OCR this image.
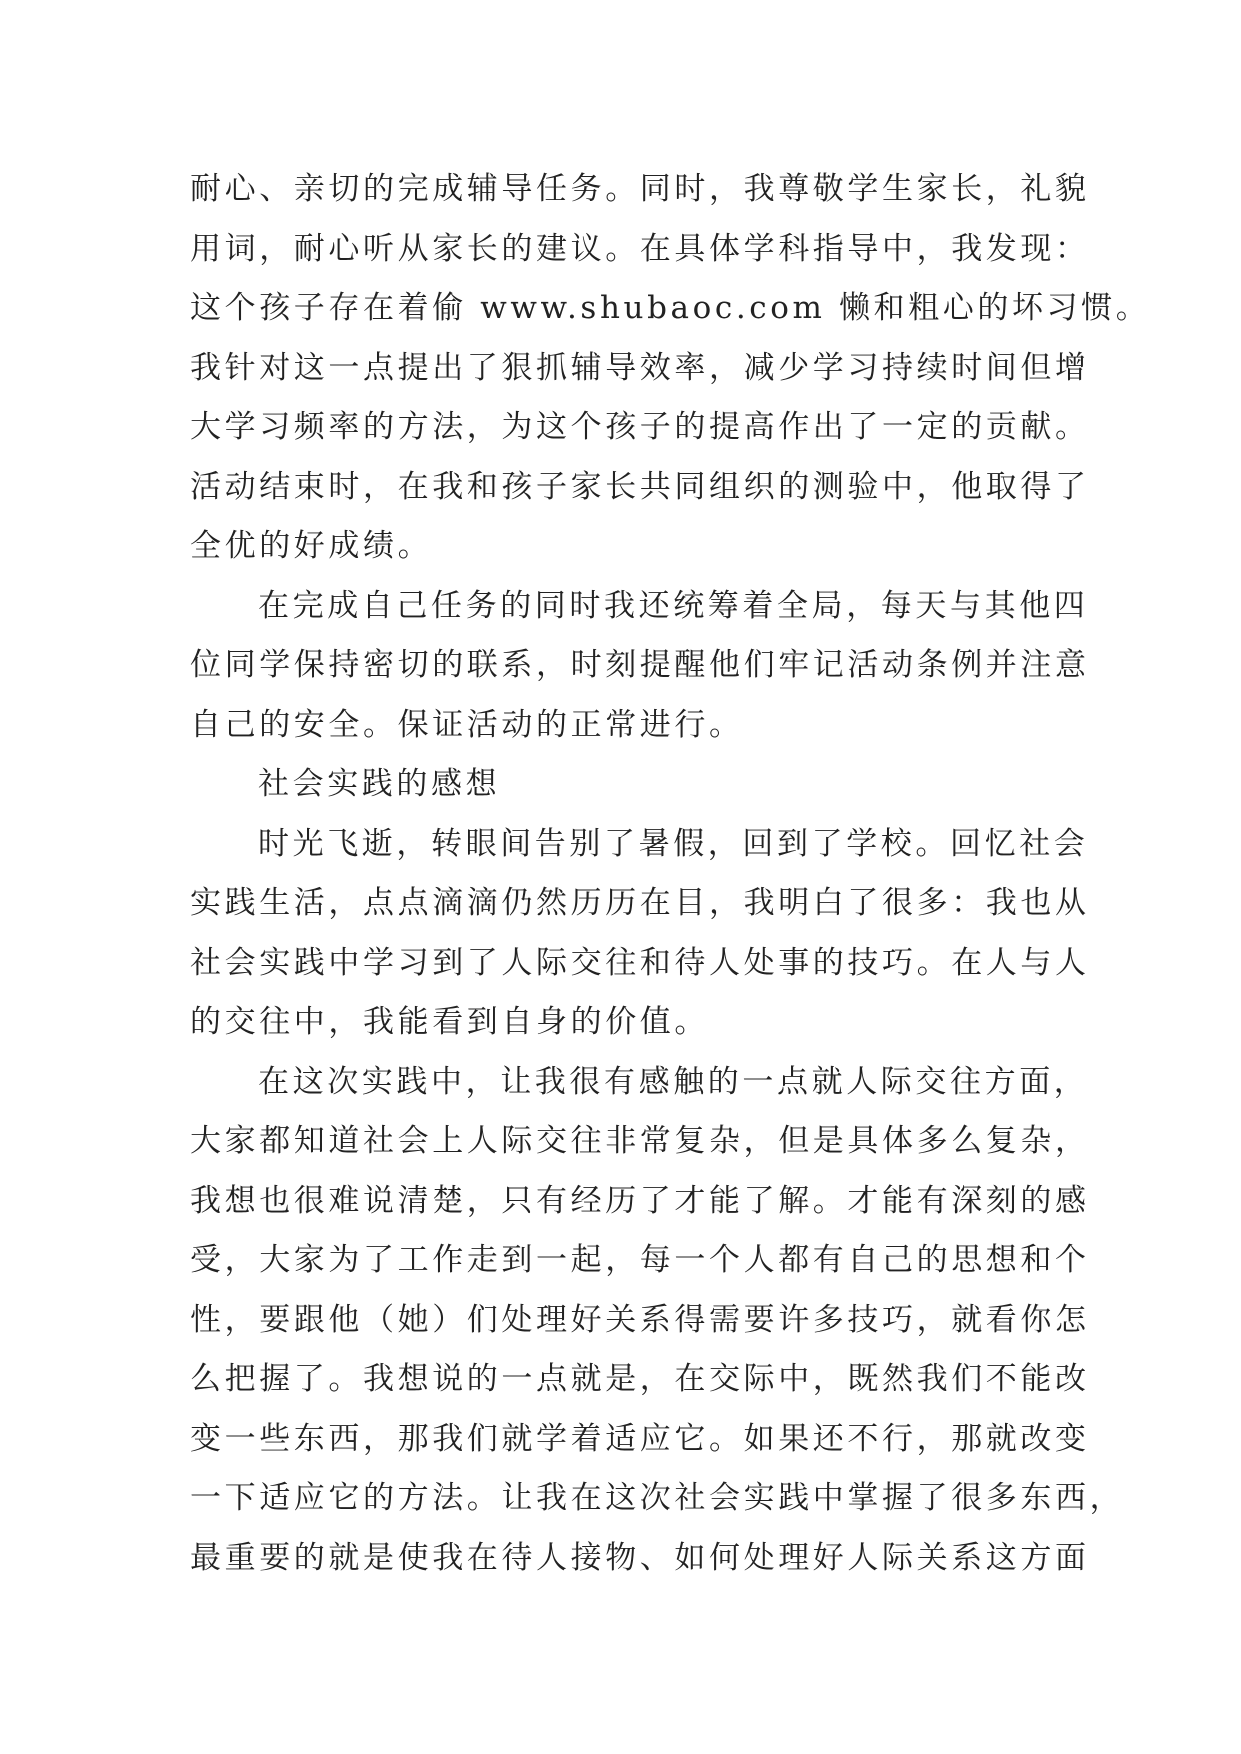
耐心、亲切的完成辅导任务。同时，我尊敬学生家长，礼貌
用词，耐心听从家长的建议。在具体学科指导中，我发现：
这个孩子存在着偷 www.shubaoc.com 懒和粗心的坏习惯。
我针对这一点提出了狠抓辅导效率，减少学习持续时间但增
大学习频率的方法，为这个孩子的提高作出了一定的贡献。
活动结束时，在我和孩子家长共同组织的测验中，他取得了
全优的好成绩。
在完成自己任务的同时我还统筹着全局，每天与其他四
位同学保持密切的联系，时刻提醒他们牢记活动条例并注意
自己的安全。保证活动的正常进行。
社会实践的感想
时光飞逝，转眼间告别了暑假，回到了学校。回忆社会
实践生活，点点滴滴仍然历历在目，我明白了很多：我也从
社会实践中学习到了人际交往和待人处事的技巧。在人与人
的交往中，我能看到自身的价值。
在这次实践中，让我很有感触的一点就人际交往方面，
大家都知道社会上人际交往非常复杂，但是具体多么复杂，
我想也很难说清楚，只有经历了才能了解。才能有深刻的感
受，大家为了工作走到一起，每一个人都有自己的思想和个
性，要跟他（她）们处理好关系得需要许多技巧，就看你怎
么把握了。我想说的一点就是，在交际中，既然我们不能改
变一些东西，那我们就学着适应它。如果还不行，那就改变
一下适应它的方法。让我在这次社会实践中掌握了很多东西，
最重要的就是使我在待人接物、如何处理好人际关系这方面
